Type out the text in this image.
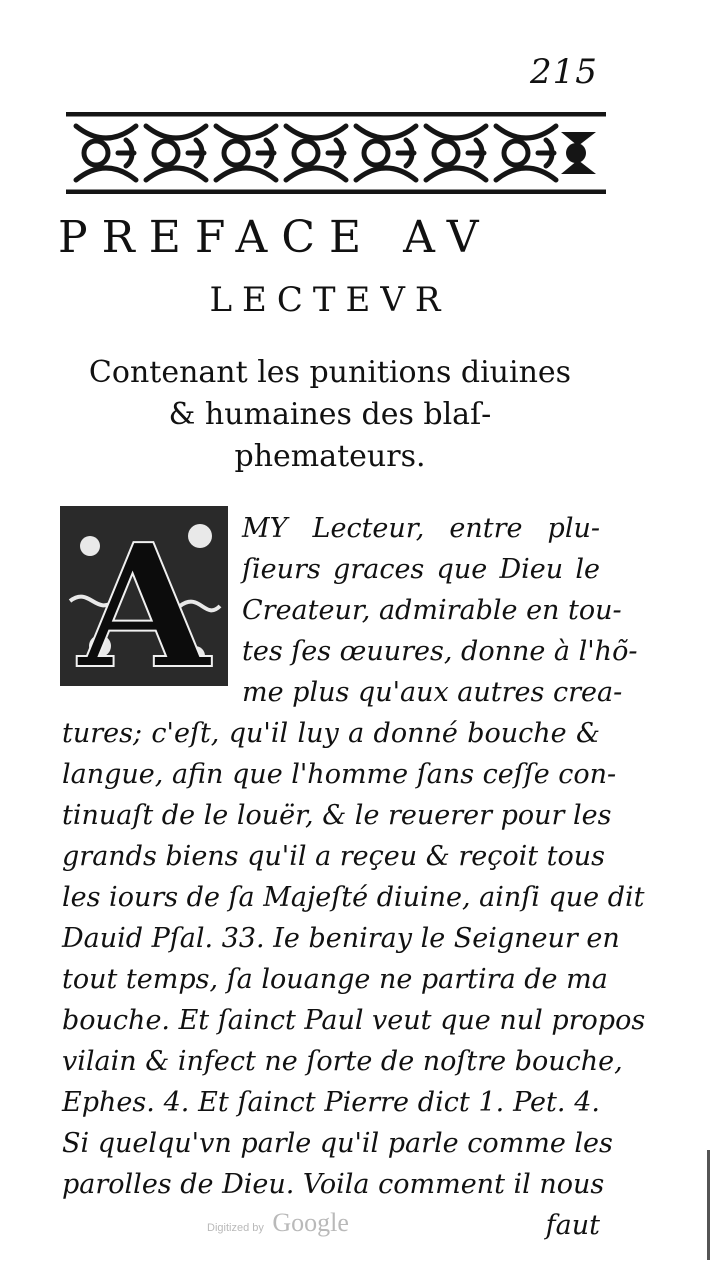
215
PREFACE AV
LECTEVR
Contenant les punitions diuines
& humaines des blaſ-
phemateurs.
A	MY Lecteur, entre plu-
ſieurs graces que Dieu le
Createur, admirable en tou-
tes ſes œuures, donne à l'hõ-
me plus qu'aux autres crea-
tures; c'eſt, qu'il luy a donné bouche &
langue, afin que l'homme ſans ceſſe con-
tinuaſt de le louër, & le reuerer pour les
grands biens qu'il a reçeu & reçoit tous
les iours de ſa Majeſté diuine, ainſi que dit
Dauid Pſal. 33. Ie beniray le Seigneur en
tout temps, ſa louange ne partira de ma
bouche. Et ſainct Paul veut que nul propos
vilain & infect ne ſorte de noſtre bouche,
Ephes. 4. Et ſainct Pierre dict 1. Pet. 4.
Si quelqu'vn parle qu'il parle comme les
parolles de Dieu. Voila comment il nous
faut
Digitized by Google
